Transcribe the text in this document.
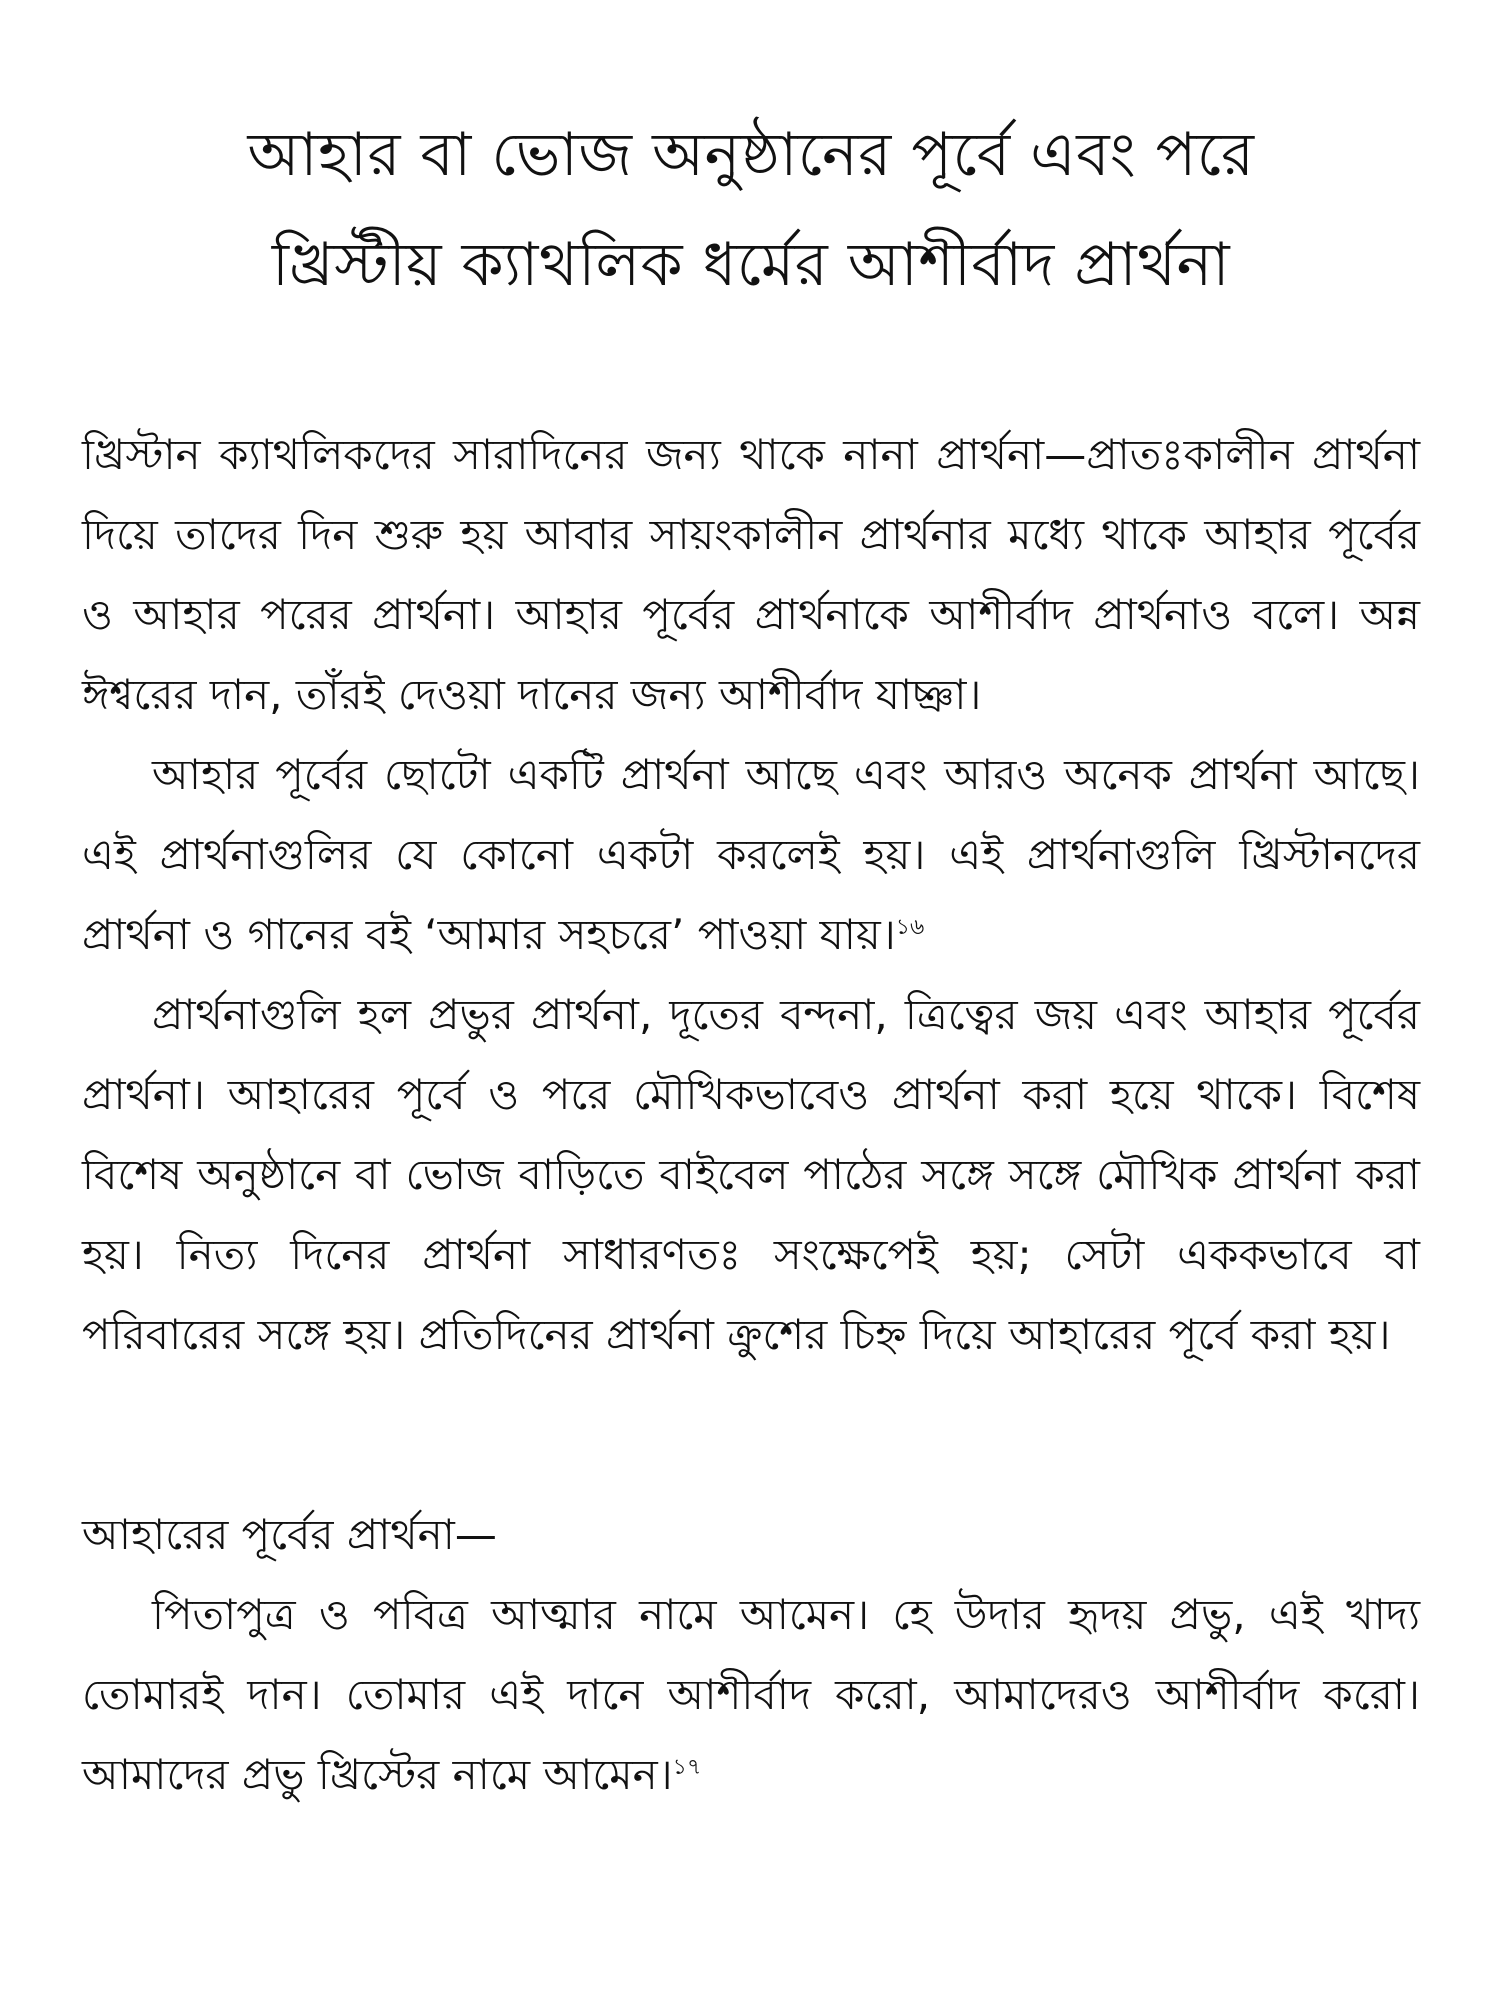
আহার বা ভোজ অনুষ্ঠানের পূর্বে এবং পরে
খ্রিস্টীয় ক্যাথলিক ধর্মের আশীর্বাদ প্রার্থনা

খ্রিস্টান ক্যাথলিকদের সারাদিনের জন্য থাকে নানা প্রার্থনা—প্রাতঃকালীন প্রার্থনা দিয়ে তাদের দিন শুরু হয় আবার সায়ংকালীন প্রার্থনার মধ্যে থাকে আহার পূর্বের ও আহার পরের প্রার্থনা। আহার পূর্বের প্রার্থনাকে আশীর্বাদ প্রার্থনাও বলে। অন্ন ঈশ্বরের দান, তাঁরই দেওয়া দানের জন্য আশীর্বাদ যাচ্ঞা।

আহার পূর্বের ছোটো একটি প্রার্থনা আছে এবং আরও অনেক প্রার্থনা আছে। এই প্রার্থনাগুলির যে কোনো একটা করলেই হয়। এই প্রার্থনাগুলি খ্রিস্টানদের প্রার্থনা ও গানের বই ‘আমার সহচরে’ পাওয়া যায়।$^{১৬}$

প্রার্থনাগুলি হল প্রভুর প্রার্থনা, দূতের বন্দনা, ত্রিত্বের জয় এবং আহার পূর্বের প্রার্থনা। আহারের পূর্বে ও পরে মৌখিকভাবেও প্রার্থনা করা হয়ে থাকে। বিশেষ বিশেষ অনুষ্ঠানে বা ভোজ বাড়িতে বাইবেল পাঠের সঙ্গে সঙ্গে মৌখিক প্রার্থনা করা হয়। নিত্য দিনের প্রার্থনা সাধারণতঃ সংক্ষেপেই হয়; সেটা এককভাবে বা পরিবারের সঙ্গে হয়। প্রতিদিনের প্রার্থনা ক্রুশের চিহ্ন দিয়ে আহারের পূর্বে করা হয়।

আহারের পূর্বের প্রার্থনা—

পিতাপুত্র ও পবিত্র আত্মার নামে আমেন। হে উদার হৃদয় প্রভু, এই খাদ্য তোমারই দান। তোমার এই দানে আশীর্বাদ করো, আমাদেরও আশীর্বাদ করো। আমাদের প্রভু খ্রিস্টের নামে আমেন।$^{১৭}$
